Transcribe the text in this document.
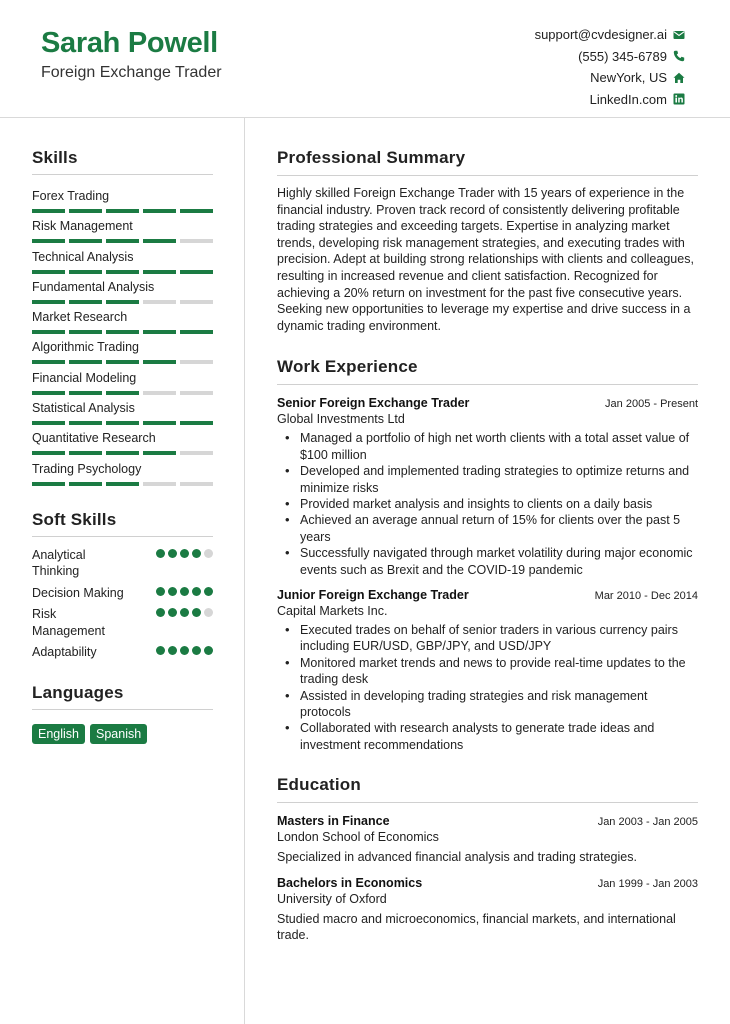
Sarah Powell
Foreign Exchange Trader
support@cvdesigner.ai
(555) 345-6789
NewYork, US
LinkedIn.com
Skills
Forex Trading
Risk Management
Technical Analysis
Fundamental Analysis
Market Research
Algorithmic Trading
Financial Modeling
Statistical Analysis
Quantitative Research
Trading Psychology
Soft Skills
Analytical Thinking
Decision Making
Risk Management
Adaptability
Languages
English	Spanish
Professional Summary
Highly skilled Foreign Exchange Trader with 15 years of experience in the financial industry. Proven track record of consistently delivering profitable trading strategies and exceeding targets. Expertise in analyzing market trends, developing risk management strategies, and executing trades with precision. Adept at building strong relationships with clients and colleagues, resulting in increased revenue and client satisfaction. Recognized for achieving a 20% return on investment for the past five consecutive years. Seeking new opportunities to leverage my expertise and drive success in a dynamic trading environment.
Work Experience
Senior Foreign Exchange Trader	Jan 2005 - Present
Global Investments Ltd
• Managed a portfolio of high net worth clients with a total asset value of $100 million
• Developed and implemented trading strategies to optimize returns and minimize risks
• Provided market analysis and insights to clients on a daily basis
• Achieved an average annual return of 15% for clients over the past 5 years
• Successfully navigated through market volatility during major economic events such as Brexit and the COVID-19 pandemic
Junior Foreign Exchange Trader	Mar 2010 - Dec 2014
Capital Markets Inc.
• Executed trades on behalf of senior traders in various currency pairs including EUR/USD, GBP/JPY, and USD/JPY
• Monitored market trends and news to provide real-time updates to the trading desk
• Assisted in developing trading strategies and risk management protocols
• Collaborated with research analysts to generate trade ideas and investment recommendations
Education
Masters in Finance	Jan 2003 - Jan 2005
London School of Economics
Specialized in advanced financial analysis and trading strategies.
Bachelors in Economics	Jan 1999 - Jan 2003
University of Oxford
Studied macro and microeconomics, financial markets, and international trade.
